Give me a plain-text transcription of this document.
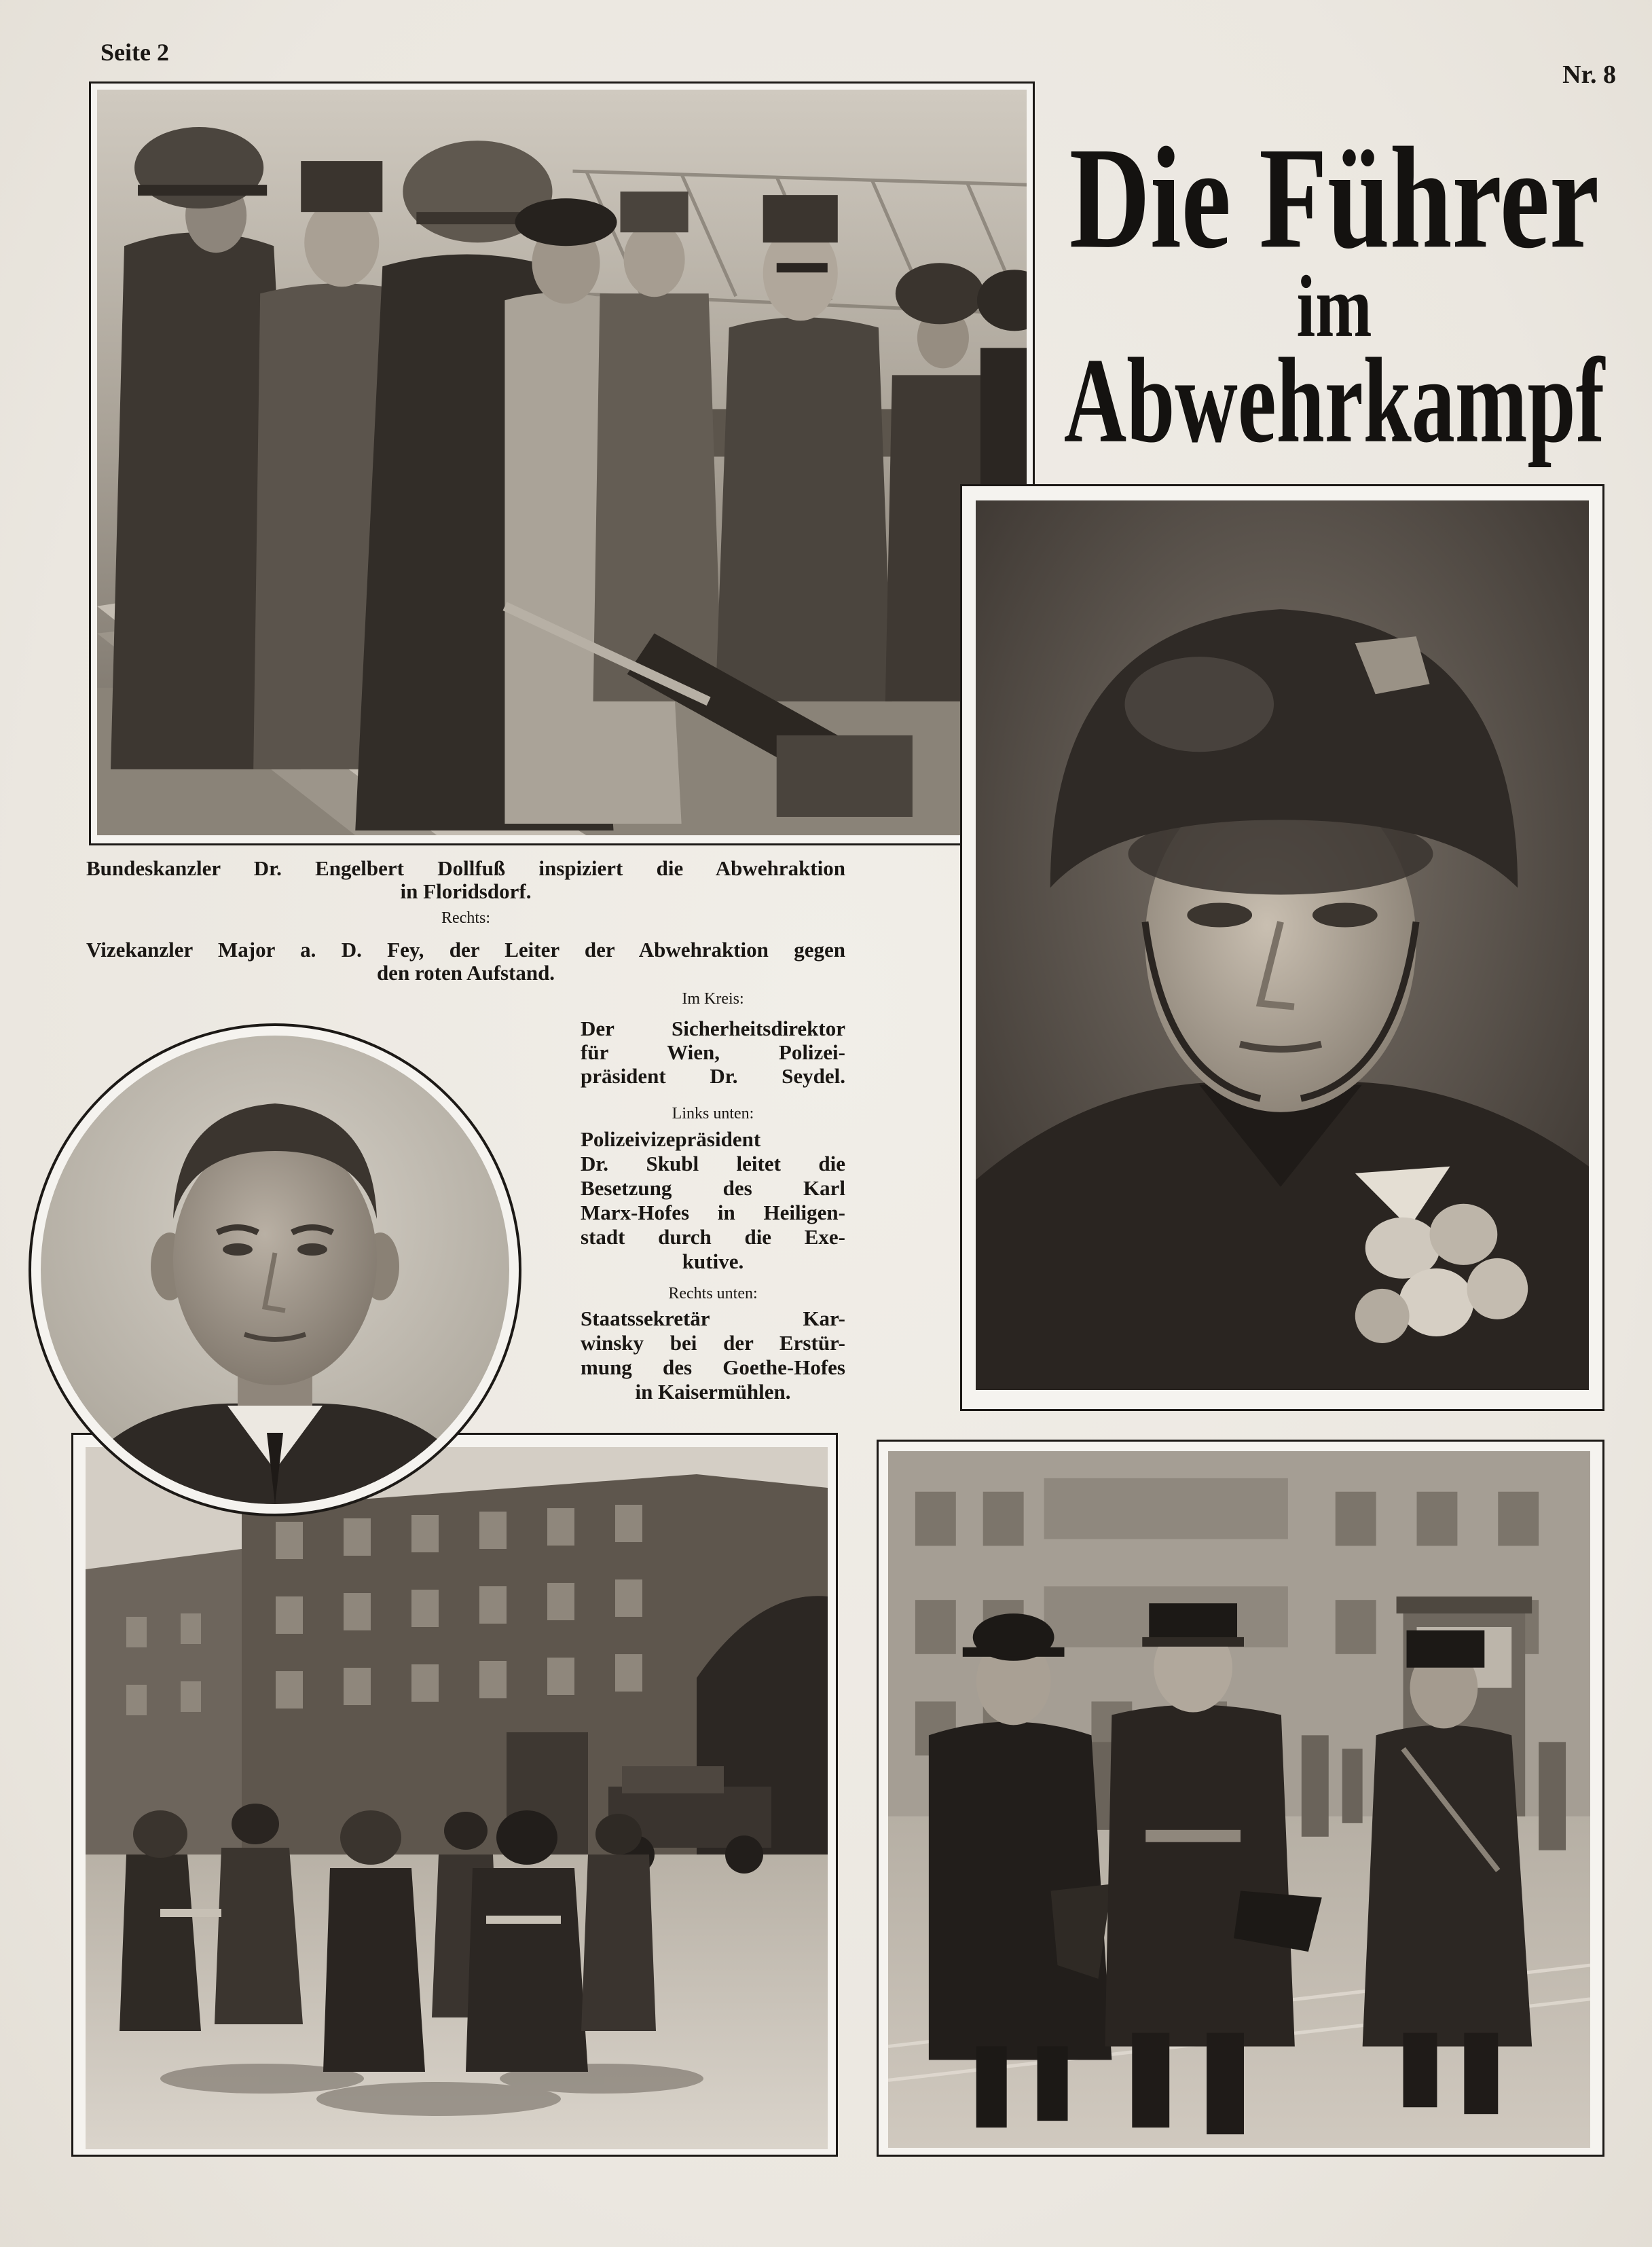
Seite 2
Nr. 8
Die Führer
im
Abwehrkampf
Bundeskanzler Dr. Engelbert Dollfuß inspiziert die Abwehraktion
in Floridsdorf.
Rechts:
Vizekanzler Major a. D. Fey, der Leiter der Abwehraktion gegen
den roten Aufstand.
Im Kreis:
Der Sicherheitsdirektor
für Wien, Polizei-
präsident Dr. Seydel.
Links unten:
Polizeivizepräsident
Dr. Skubl leitet die
Besetzung des Karl
Marx-Hofes in Heiligen-
stadt durch die Exe-
kutive.
Rechts unten:
Staatssekretär Kar-
winsky bei der Erstür-
mung des Goethe-Hofes
in Kaisermühlen.
